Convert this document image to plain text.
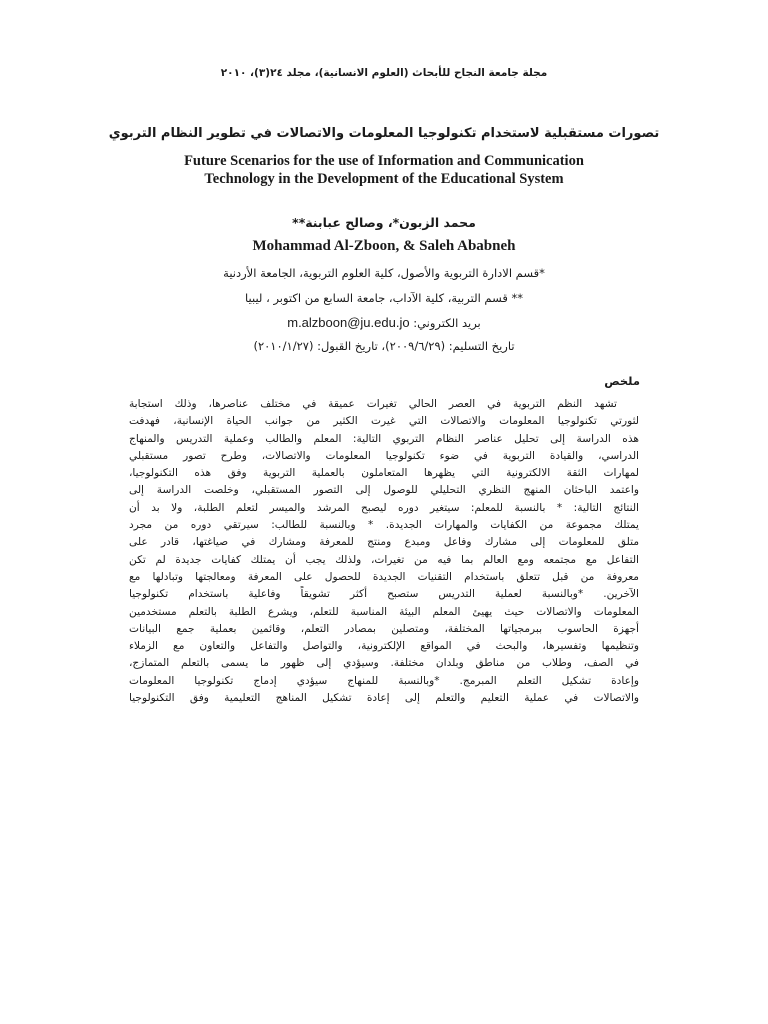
مجلة جامعة النجاح للأبحاث (العلوم الانسانية)، مجلد ٢٤(٣)، ٢٠١٠
تصورات مستقبلية لاستخدام تكنولوجيا المعلومات والاتصالات في تطوير النظام التربوي
Future Scenarios for the use of Information and Communication
Technology in the Development of the Educational System
محمد الزبون*، وصالح عبابنة**
Mohammad Al-Zboon, & Saleh Ababneh
*قسم الادارة التربوية والأصول، كلية العلوم التربوية، الجامعة الأردنية
** قسم التربية، كلية الآداب، جامعة السابع من اكتوبر ، ليبيا
بريد الكتروني: m.alzboon@ju.edu.jo
تاريخ التسليم: (٢٠٠٩/٦/٢٩)، تاريخ القبول: (٢٠١٠/١/٢٧)
ملخص
تشهد النظم التربوية في العصر الحالي تغيرات عميقة في مختلف عناصرها، وذلك استجابة
لثورتي تكنولوجيا المعلومات والاتصالات التي غيرت الكثير من جوانب الحياة الإنسانية، فهدفت
هذه الدراسة إلى تحليل عناصر النظام التربوي التالية: المعلم والطالب وعملية التدريس والمنهاج
الدراسي، والقيادة التربوية في ضوء تكنولوجيا المعلومات والاتصالات، وطرح تصور مستقبلي
لمهارات الثقة الالكترونية التي يظهرها المتعاملون بالعملية التربوية وفق هذه التكنولوجيا،
واعتمد الباحثان المنهج النظري التحليلي للوصول إلى التصور المستقبلي، وخلصت الدراسة إلى
النتائج التالية: * بالنسبة للمعلم: سيتغير دوره ليصبح المرشد والميسر لتعلم الطلبة، ولا بد أن
يمتلك مجموعة من الكفايات والمهارات الجديدة. * وبالنسبة للطالب: سيرتقي دوره من مجرد
متلق للمعلومات إلى مشارك وفاعل ومبدع ومنتج للمعرفة ومشارك في صياغتها، قادر على
التفاعل مع مجتمعه ومع العالم بما فيه من تغيرات، ولذلك يجب أن يمتلك كفايات جديدة لم تكن
معروفة من قبل تتعلق باستخدام التقنيات الجديدة للحصول على المعرفة ومعالجتها وتبادلها مع
الآخرين. *وبالنسبة لعملية التدريس ستصبح أكثر تشويقاً وفاعلية باستخدام تكنولوجيا
المعلومات والاتصالات حيث يهيئ المعلم البيئة المناسبة للتعلم، ويشرع الطلبة بالتعلم مستخدمين
أجهزة الحاسوب ببرمجياتها المختلفة، ومتصلين بمصادر التعلم، وقائمين بعملية جمع البيانات
وتنظيمها وتفسيرها، والبحث في المواقع الإلكترونية، والتواصل والتفاعل والتعاون مع الزملاء
في الصف، وطلاب من مناطق وبلدان مختلفة. وسيؤدي إلى ظهور ما يسمى بالتعلم المتمازج،
وإعادة تشكيل التعلم المبرمج. *وبالنسبة للمنهاج سيؤدي إدماج تكنولوجيا المعلومات
والاتصالات في عملية التعليم والتعلم إلى إعادة تشكيل المناهج التعليمية وفق التكنولوجيا
